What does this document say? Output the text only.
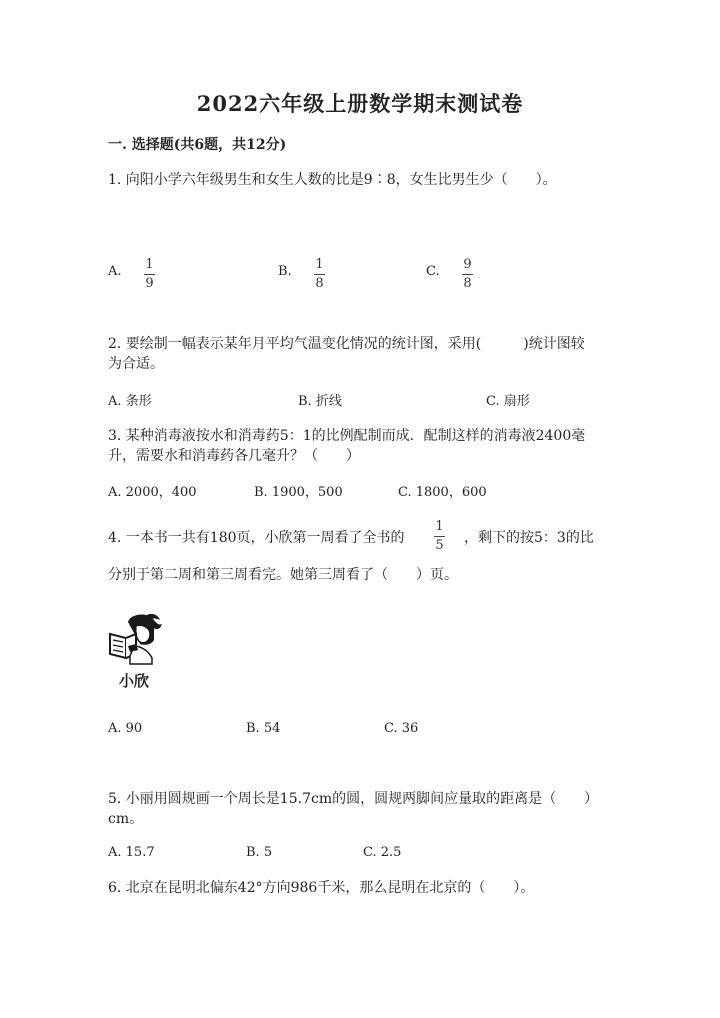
2022六年级上册数学期末测试卷
一. 选择题(共6题，共12分)
1. 向阳小学六年级男生和女生人数的比是9∶8，女生比男生少（　　）。
A. 1
9
B. 1
8
C. 9
8
2. 要绘制一幅表示某年月平均气温变化情况的统计图，采用(　　　)统计图较
为合适。
A. 条形	B. 折线	C. 扇形
3. 某种消毒液按水和消毒药5：1的比例配制而成．配制这样的消毒液2400毫
升，需要水和消毒药各几毫升？（　　）
A. 2000，400	B. 1900，500	C. 1800，600
4. 一本书一共有180页，小欣第一周看了全书的
1
5 ，剩下的按5：3的比
分别于第二周和第三周看完。她第三周看了（　　）页。
小欣
A. 90	B. 54	C. 36
5. 小丽用圆规画一个周长是15.7cm的圆，圆规两脚间应量取的距离是（　　）
cm。
A. 15.7	B. 5	C. 2.5
6. 北京在昆明北偏东42°方向986千米，那么昆明在北京的（　　）。
